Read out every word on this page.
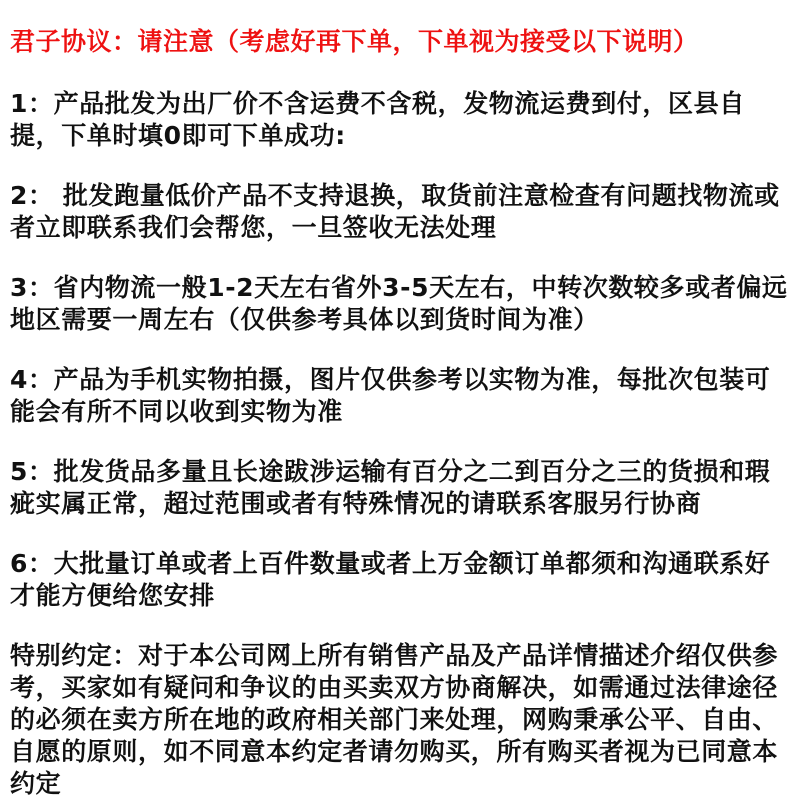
君子协议：请注意（考虑好再下单，下单视为接受以下说明）
1：产品批发为出厂价不含运费不含税，发物流运费到付，区县自提，下单时填0即可下单成功:
2： 批发跑量低价产品不支持退换，取货前注意检查有问题找物流或者立即联系我们会帮您，一旦签收无法处理
3：省内物流一般1-2天左右省外3-5天左右，中转次数较多或者偏远地区需要一周左右（仅供参考具体以到货时间为准）
4：产品为手机实物拍摄，图片仅供参考以实物为准，每批次包装可能会有所不同以收到实物为准
5：批发货品多量且长途跋涉运输有百分之二到百分之三的货损和瑕疵实属正常，超过范围或者有特殊情况的请联系客服另行协商
6：大批量订单或者上百件数量或者上万金额订单都须和沟通联系好才能方便给您安排
特别约定：对于本公司网上所有销售产品及产品详情描述介绍仅供参考，买家如有疑问和争议的由买卖双方协商解决，如需通过法律途径的必须在卖方所在地的政府相关部门来处理，网购秉承公平、自由、自愿的原则，如不同意本约定者请勿购买，所有购买者视为已同意本约定
